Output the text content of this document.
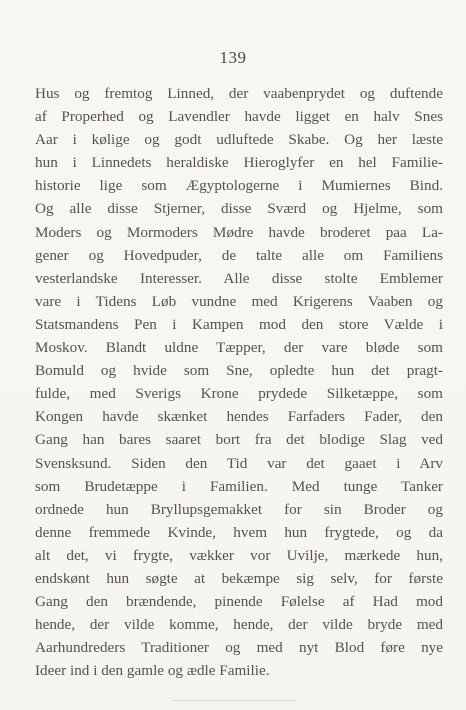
139
Hus og fremtog Linned, der vaabenprydet og duftende
af Properhed og Lavendler havde ligget en halv Snes
Aar i kølige og godt udluftede Skabe. Og her læste
hun i Linnedets heraldiske Hieroglyfer en hel Familie-
historie lige som Ægyptologerne i Mumiernes Bind.
Og alle disse Stjerner, disse Sværd og Hjelme, som
Moders og Mormoders Mødre havde broderet paa La-
gener og Hovedpuder, de talte alle om Familiens
vesterlandske Interesser. Alle disse stolte Emblemer
vare i Tidens Løb vundne med Krigerens Vaaben og
Statsmandens Pen i Kampen mod den store Vælde i
Moskov. Blandt uldne Tæpper, der vare bløde som
Bomuld og hvide som Sne, opledte hun det pragt-
fulde, med Sverigs Krone prydede Silketæppe, som
Kongen havde skænket hendes Farfaders Fader, den
Gang han bares saaret bort fra det blodige Slag ved
Svensksund. Siden den Tid var det gaaet i Arv
som Brudetæppe i Familien. Med tunge Tanker
ordnede hun Bryllupsgemakket for sin Broder og
denne fremmede Kvinde, hvem hun frygtede, og da
alt det, vi frygte, vækker vor Uvilje, mærkede hun,
endskønt hun søgte at bekæmpe sig selv, for første
Gang den brændende, pinende Følelse af Had mod
hende, der vilde komme, hende, der vilde bryde med
Aarhundreders Traditioner og med nyt Blod føre nye
Ideer ind i den gamle og ædle Familie.
